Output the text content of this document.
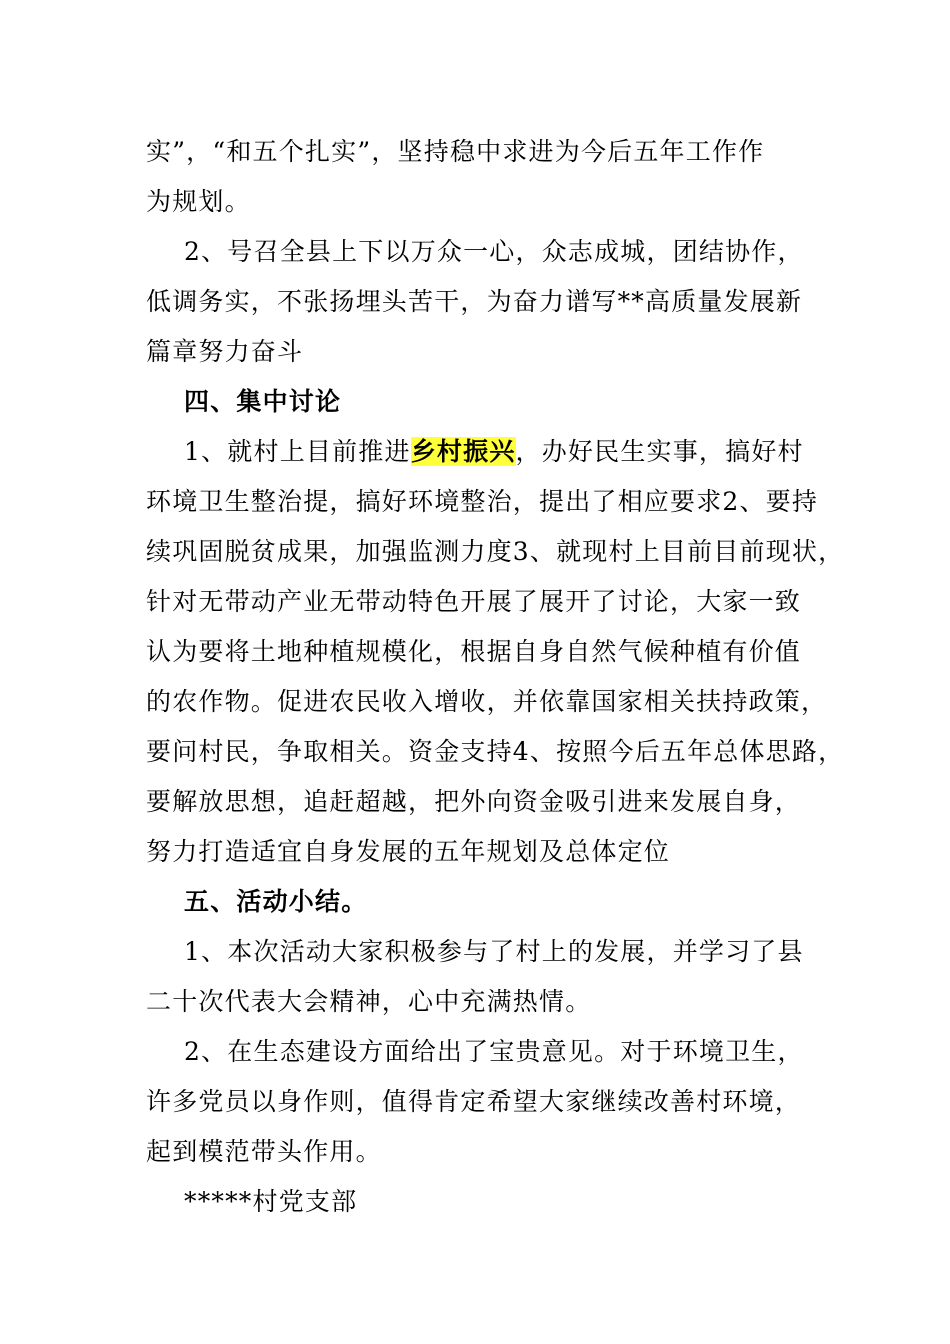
实”，“和五个扎实”，坚持稳中求进为今后五年工作作
为规划。
2、号召全县上下以万众一心，众志成城，团结协作，
低调务实，不张扬埋头苦干，为奋力谱写**高质量发展新
篇章努力奋斗
四、集中讨论
1、就村上目前推进乡村振兴，办好民生实事，搞好村
环境卫生整治提，搞好环境整治，提出了相应要求2、要持
续巩固脱贫成果，加强监测力度3、就现村上目前目前现状，
针对无带动产业无带动特色开展了展开了讨论，大家一致
认为要将土地种植规模化，根据自身自然气候种植有价值
的农作物。促进农民收入增收，并依靠国家相关扶持政策，
要问村民，争取相关。资金支持4、按照今后五年总体思路，
要解放思想，追赶超越，把外向资金吸引进来发展自身，
努力打造适宜自身发展的五年规划及总体定位
五、活动小结。
1、本次活动大家积极参与了村上的发展，并学习了县
二十次代表大会精神，心中充满热情。
2、在生态建设方面给出了宝贵意见。对于环境卫生，
许多党员以身作则，值得肯定希望大家继续改善村环境，
起到模范带头作用。
*****村党支部
